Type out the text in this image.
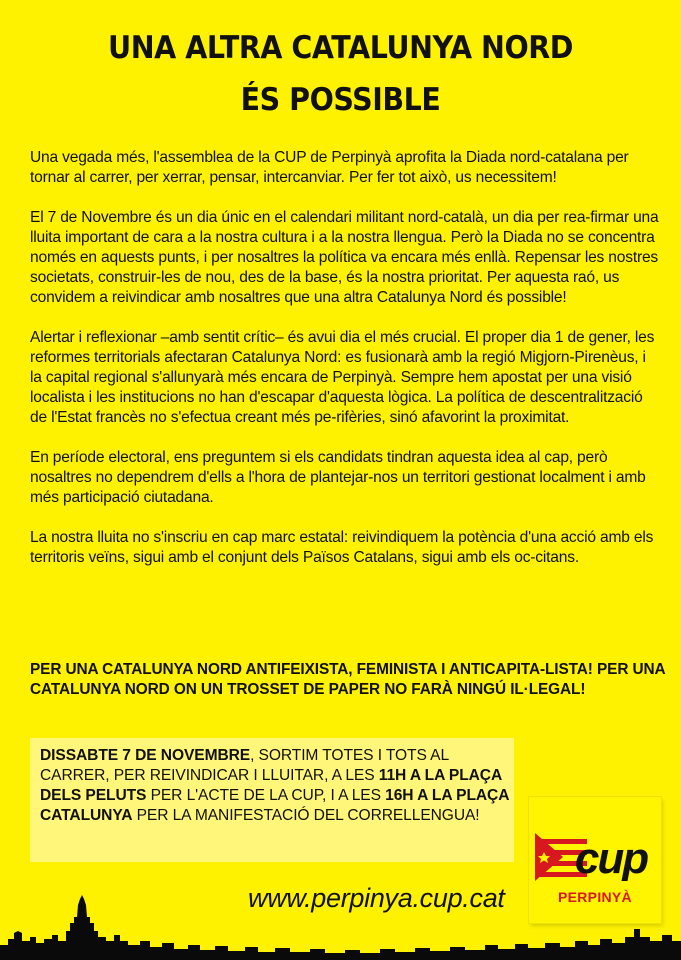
UNA ALTRA CATALUNYA NORD
ÉS POSSIBLE

Una vegada més, l'assemblea de la CUP de Perpinyà aprofita la Diada nord-catalana per tornar al carrer, per xerrar, pensar, intercanviar. Per fer tot això, us necessitem!

El 7 de Novembre és un dia únic en el calendari militant nord-català, un dia per rea-firmar una lluita important de cara a la nostra cultura i a la nostra llengua. Però la Diada no se concentra només en aquests punts, i per nosaltres la política va encara més enllà. Repensar les nostres societats, construir-les de nou, des de la base, és la nostra prioritat. Per aquesta raó, us convidem a reivindicar amb nosaltres que una altra Catalunya Nord és possible!

Alertar i reflexionar –amb sentit crític– és avui dia el més crucial. El proper dia 1 de gener, les reformes territorials afectaran Catalunya Nord: es fusionarà amb la regió Migjorn-Pirenèus, i la capital regional s'allunyarà més encara de Perpinyà. Sempre hem apostat per una visió localista i les institucions no han d'escapar d'aquesta lògica. La política de descentralització de l'Estat francès no s'efectua creant més pe-rifèries, sinó afavorint la proximitat.

En període electoral, ens preguntem si els candidats tindran aquesta idea al cap, però nosaltres no dependrem d'ells a l'hora de plantejar-nos un territori gestionat localment i amb més participació ciutadana.

La nostra lluita no s'inscriu en cap marc estatal: reivindiquem la potència d'una acció amb els territoris veïns, sigui amb el conjunt dels Països Catalans, sigui amb els oc-citans.

PER UNA CATALUNYA NORD ANTIFEIXISTA, FEMINISTA I ANTICAPITA-LISTA! PER UNA CATALUNYA NORD ON UN TROSSET DE PAPER NO FARÀ NINGÚ IL·LEGAL!
DISSABTE 7 DE NOVEMBRE, SORTIM TOTES I TOTS AL CARRER, PER REIVINDICAR I LLUITAR, A LES 11H A LA PLAÇA DELS PELUTS PER L'ACTE DE LA CUP, I A LES 16H A LA PLAÇA CATALUNYA PER LA MANIFESTACIÓ DEL CORRELLENGUA!
www.perpinya.cup.cat
cup
PERPINYÀ
